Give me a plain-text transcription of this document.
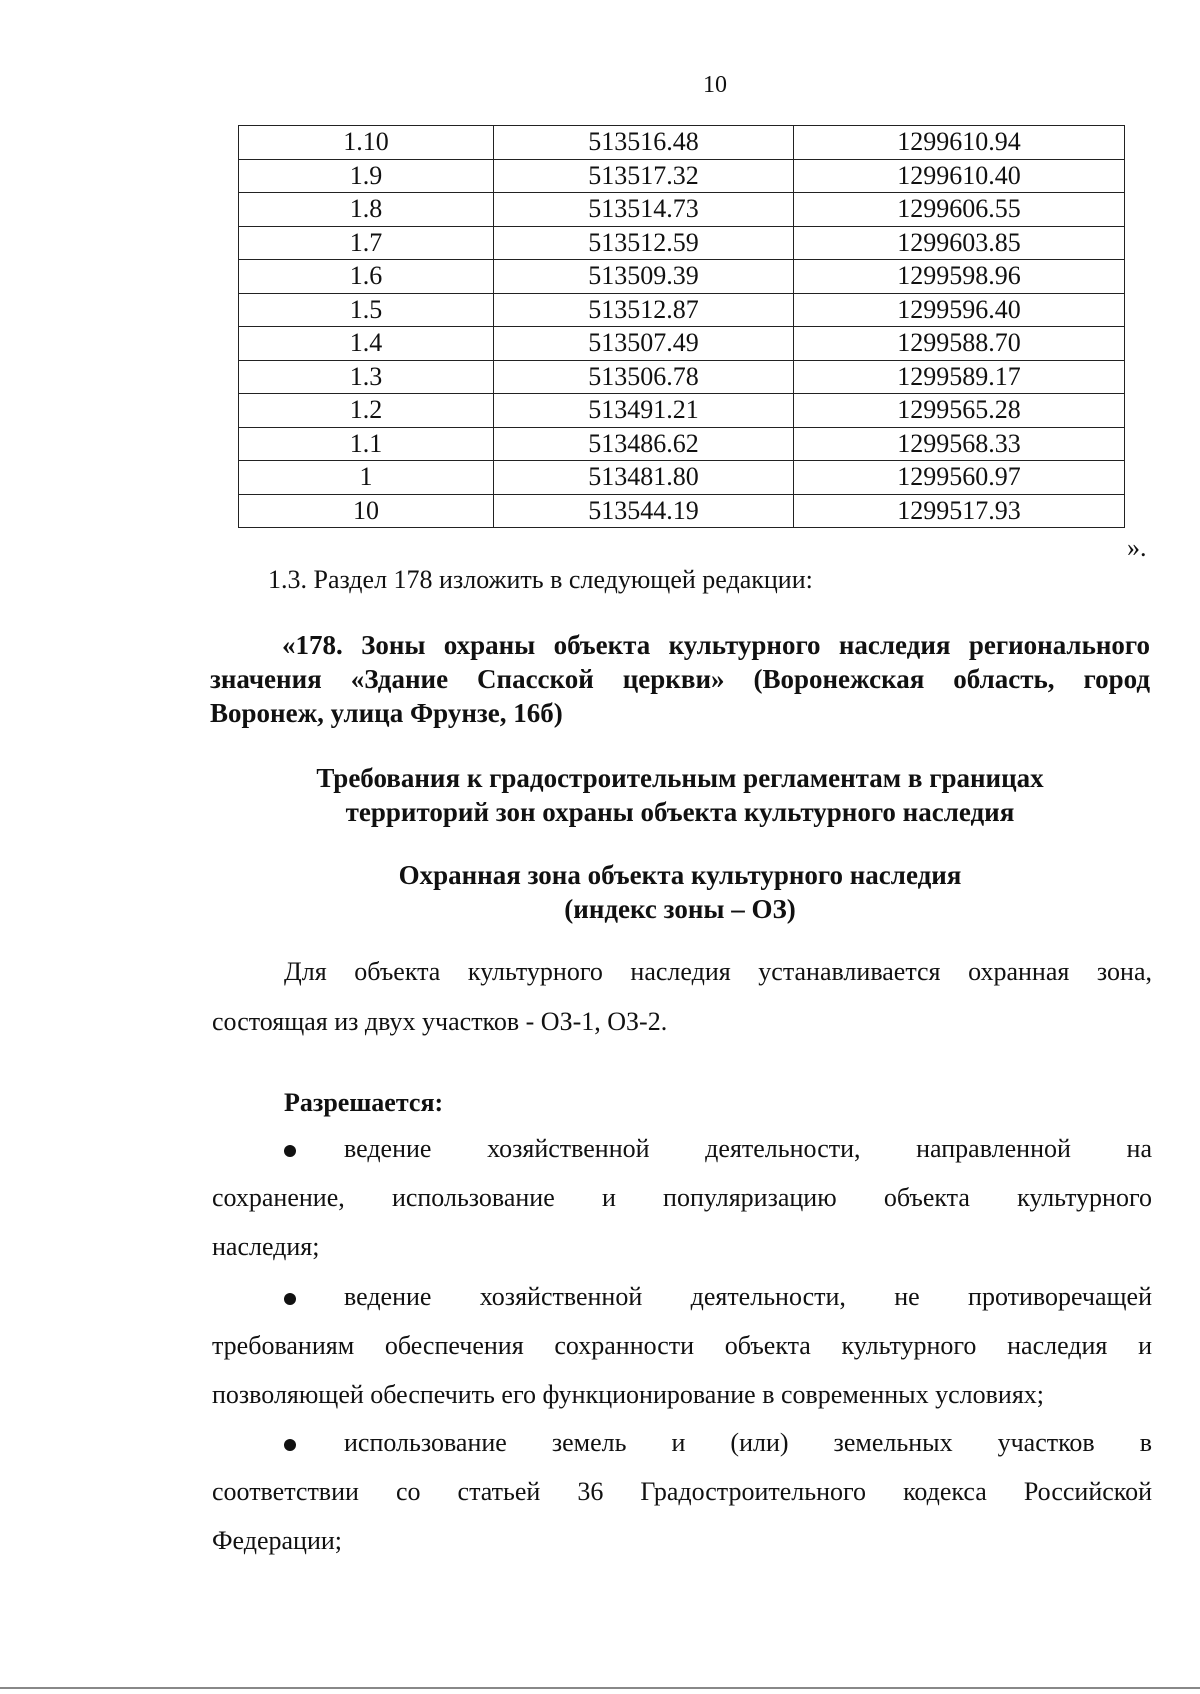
10
1.10	513516.48	1299610.94
1.9	513517.32	1299610.40
1.8	513514.73	1299606.55
1.7	513512.59	1299603.85
1.6	513509.39	1299598.96
1.5	513512.87	1299596.40
1.4	513507.49	1299588.70
1.3	513506.78	1299589.17
1.2	513491.21	1299565.28
1.1	513486.62	1299568.33
1	513481.80	1299560.97
10	513544.19	1299517.93
».
1.3. Раздел 178 изложить в следующей редакции:
«178. Зоны охраны объекта культурного наследия регионального
значения «Здание Спасской церкви» (Воронежская область, город
Воронеж, улица Фрунзе, 16б)
Требования к градостроительным регламентам в границах
территорий зон охраны объекта культурного наследия
Охранная зона объекта культурного наследия
(индекс зоны – ОЗ)
Для объекта культурного наследия устанавливается охранная зона,
состоящая из двух участков - ОЗ-1, ОЗ-2.
Разрешается:
ведение хозяйственной деятельности, направленной на
сохранение, использование и популяризацию объекта культурного
наследия;
ведение хозяйственной деятельности, не противоречащей
требованиям обеспечения сохранности объекта культурного наследия и
позволяющей обеспечить его функционирование в современных условиях;
использование земель и (или) земельных участков в
соответствии со статьей 36 Градостроительного кодекса Российской
Федерации;
